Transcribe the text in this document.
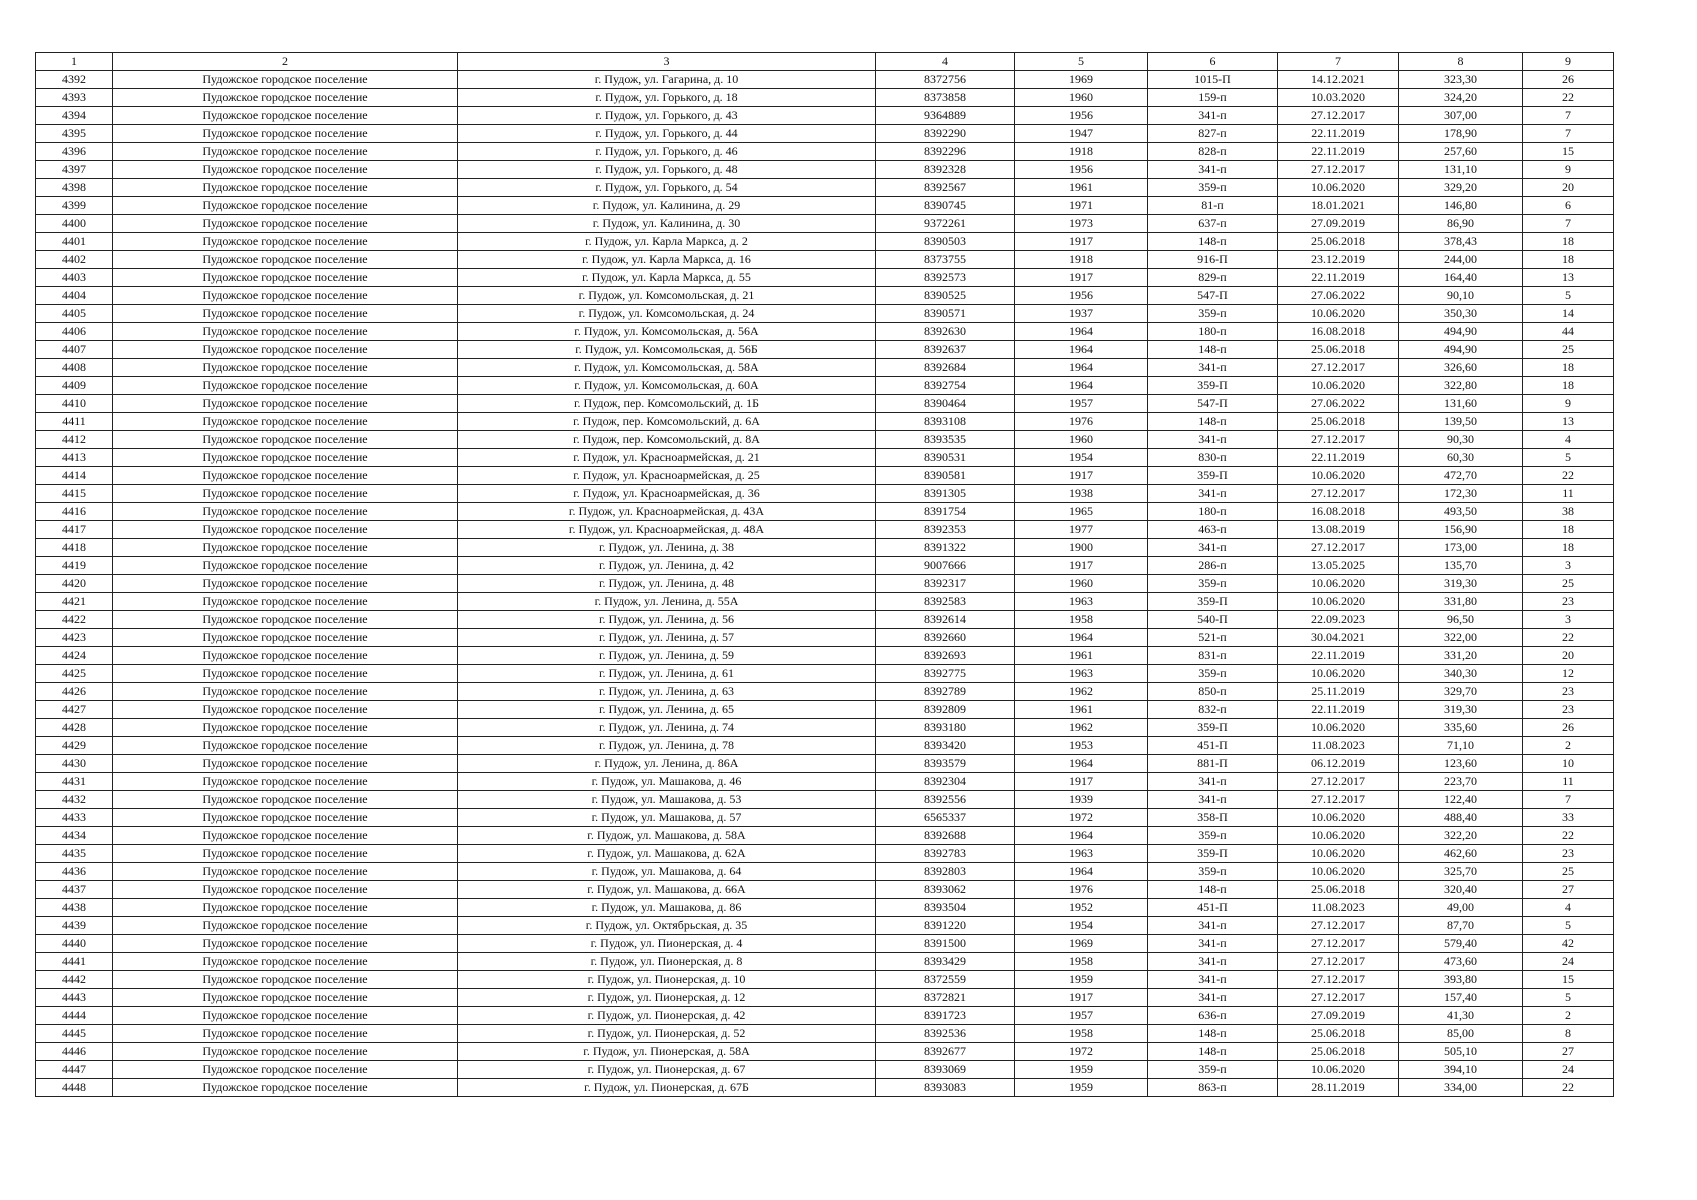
1	2	3	4	5	6	7	8	9
4392	Пудожское городское поселение	г. Пудож, ул. Гагарина, д. 10	8372756	1969	1015-П	14.12.2021	323,30	26
4393	Пудожское городское поселение	г. Пудож, ул. Горького, д. 18	8373858	1960	159-п	10.03.2020	324,20	22
4394	Пудожское городское поселение	г. Пудож, ул. Горького, д. 43	9364889	1956	341-п	27.12.2017	307,00	7
4395	Пудожское городское поселение	г. Пудож, ул. Горького, д. 44	8392290	1947	827-п	22.11.2019	178,90	7
4396	Пудожское городское поселение	г. Пудож, ул. Горького, д. 46	8392296	1918	828-п	22.11.2019	257,60	15
4397	Пудожское городское поселение	г. Пудож, ул. Горького, д. 48	8392328	1956	341-п	27.12.2017	131,10	9
4398	Пудожское городское поселение	г. Пудож, ул. Горького, д. 54	8392567	1961	359-п	10.06.2020	329,20	20
4399	Пудожское городское поселение	г. Пудож, ул. Калинина, д. 29	8390745	1971	81-п	18.01.2021	146,80	6
4400	Пудожское городское поселение	г. Пудож, ул. Калинина, д. 30	9372261	1973	637-п	27.09.2019	86,90	7
4401	Пудожское городское поселение	г. Пудож, ул. Карла Маркса, д. 2	8390503	1917	148-п	25.06.2018	378,43	18
4402	Пудожское городское поселение	г. Пудож, ул. Карла Маркса, д. 16	8373755	1918	916-П	23.12.2019	244,00	18
4403	Пудожское городское поселение	г. Пудож, ул. Карла Маркса, д. 55	8392573	1917	829-п	22.11.2019	164,40	13
4404	Пудожское городское поселение	г. Пудож, ул. Комсомольская, д. 21	8390525	1956	547-П	27.06.2022	90,10	5
4405	Пудожское городское поселение	г. Пудож, ул. Комсомольская, д. 24	8390571	1937	359-п	10.06.2020	350,30	14
4406	Пудожское городское поселение	г. Пудож, ул. Комсомольская, д. 56А	8392630	1964	180-п	16.08.2018	494,90	44
4407	Пудожское городское поселение	г. Пудож, ул. Комсомольская, д. 56Б	8392637	1964	148-п	25.06.2018	494,90	25
4408	Пудожское городское поселение	г. Пудож, ул. Комсомольская, д. 58А	8392684	1964	341-п	27.12.2017	326,60	18
4409	Пудожское городское поселение	г. Пудож, ул. Комсомольская, д. 60А	8392754	1964	359-П	10.06.2020	322,80	18
4410	Пудожское городское поселение	г. Пудож, пер. Комсомольский, д. 1Б	8390464	1957	547-П	27.06.2022	131,60	9
4411	Пудожское городское поселение	г. Пудож, пер. Комсомольский, д. 6А	8393108	1976	148-п	25.06.2018	139,50	13
4412	Пудожское городское поселение	г. Пудож, пер. Комсомольский, д. 8А	8393535	1960	341-п	27.12.2017	90,30	4
4413	Пудожское городское поселение	г. Пудож, ул. Красноармейская, д. 21	8390531	1954	830-п	22.11.2019	60,30	5
4414	Пудожское городское поселение	г. Пудож, ул. Красноармейская, д. 25	8390581	1917	359-П	10.06.2020	472,70	22
4415	Пудожское городское поселение	г. Пудож, ул. Красноармейская, д. 36	8391305	1938	341-п	27.12.2017	172,30	11
4416	Пудожское городское поселение	г. Пудож, ул. Красноармейская, д. 43А	8391754	1965	180-п	16.08.2018	493,50	38
4417	Пудожское городское поселение	г. Пудож, ул. Красноармейская, д. 48А	8392353	1977	463-п	13.08.2019	156,90	18
4418	Пудожское городское поселение	г. Пудож, ул. Ленина, д. 38	8391322	1900	341-п	27.12.2017	173,00	18
4419	Пудожское городское поселение	г. Пудож, ул. Ленина, д. 42	9007666	1917	286-п	13.05.2025	135,70	3
4420	Пудожское городское поселение	г. Пудож, ул. Ленина, д. 48	8392317	1960	359-п	10.06.2020	319,30	25
4421	Пудожское городское поселение	г. Пудож, ул. Ленина, д. 55А	8392583	1963	359-П	10.06.2020	331,80	23
4422	Пудожское городское поселение	г. Пудож, ул. Ленина, д. 56	8392614	1958	540-П	22.09.2023	96,50	3
4423	Пудожское городское поселение	г. Пудож, ул. Ленина, д. 57	8392660	1964	521-п	30.04.2021	322,00	22
4424	Пудожское городское поселение	г. Пудож, ул. Ленина, д. 59	8392693	1961	831-п	22.11.2019	331,20	20
4425	Пудожское городское поселение	г. Пудож, ул. Ленина, д. 61	8392775	1963	359-п	10.06.2020	340,30	12
4426	Пудожское городское поселение	г. Пудож, ул. Ленина, д. 63	8392789	1962	850-п	25.11.2019	329,70	23
4427	Пудожское городское поселение	г. Пудож, ул. Ленина, д. 65	8392809	1961	832-п	22.11.2019	319,30	23
4428	Пудожское городское поселение	г. Пудож, ул. Ленина, д. 74	8393180	1962	359-П	10.06.2020	335,60	26
4429	Пудожское городское поселение	г. Пудож, ул. Ленина, д. 78	8393420	1953	451-П	11.08.2023	71,10	2
4430	Пудожское городское поселение	г. Пудож, ул. Ленина, д. 86А	8393579	1964	881-П	06.12.2019	123,60	10
4431	Пудожское городское поселение	г. Пудож, ул. Машакова, д. 46	8392304	1917	341-п	27.12.2017	223,70	11
4432	Пудожское городское поселение	г. Пудож, ул. Машакова, д. 53	8392556	1939	341-п	27.12.2017	122,40	7
4433	Пудожское городское поселение	г. Пудож, ул. Машакова, д. 57	6565337	1972	358-П	10.06.2020	488,40	33
4434	Пудожское городское поселение	г. Пудож, ул. Машакова, д. 58А	8392688	1964	359-п	10.06.2020	322,20	22
4435	Пудожское городское поселение	г. Пудож, ул. Машакова, д. 62А	8392783	1963	359-П	10.06.2020	462,60	23
4436	Пудожское городское поселение	г. Пудож, ул. Машакова, д. 64	8392803	1964	359-п	10.06.2020	325,70	25
4437	Пудожское городское поселение	г. Пудож, ул. Машакова, д. 66А	8393062	1976	148-п	25.06.2018	320,40	27
4438	Пудожское городское поселение	г. Пудож, ул. Машакова, д. 86	8393504	1952	451-П	11.08.2023	49,00	4
4439	Пудожское городское поселение	г. Пудож, ул. Октябрьская, д. 35	8391220	1954	341-п	27.12.2017	87,70	5
4440	Пудожское городское поселение	г. Пудож, ул. Пионерская, д. 4	8391500	1969	341-п	27.12.2017	579,40	42
4441	Пудожское городское поселение	г. Пудож, ул. Пионерская, д. 8	8393429	1958	341-п	27.12.2017	473,60	24
4442	Пудожское городское поселение	г. Пудож, ул. Пионерская, д. 10	8372559	1959	341-п	27.12.2017	393,80	15
4443	Пудожское городское поселение	г. Пудож, ул. Пионерская, д. 12	8372821	1917	341-п	27.12.2017	157,40	5
4444	Пудожское городское поселение	г. Пудож, ул. Пионерская, д. 42	8391723	1957	636-п	27.09.2019	41,30	2
4445	Пудожское городское поселение	г. Пудож, ул. Пионерская, д. 52	8392536	1958	148-п	25.06.2018	85,00	8
4446	Пудожское городское поселение	г. Пудож, ул. Пионерская, д. 58А	8392677	1972	148-п	25.06.2018	505,10	27
4447	Пудожское городское поселение	г. Пудож, ул. Пионерская, д. 67	8393069	1959	359-п	10.06.2020	394,10	24
4448	Пудожское городское поселение	г. Пудож, ул. Пионерская, д. 67Б	8393083	1959	863-п	28.11.2019	334,00	22
